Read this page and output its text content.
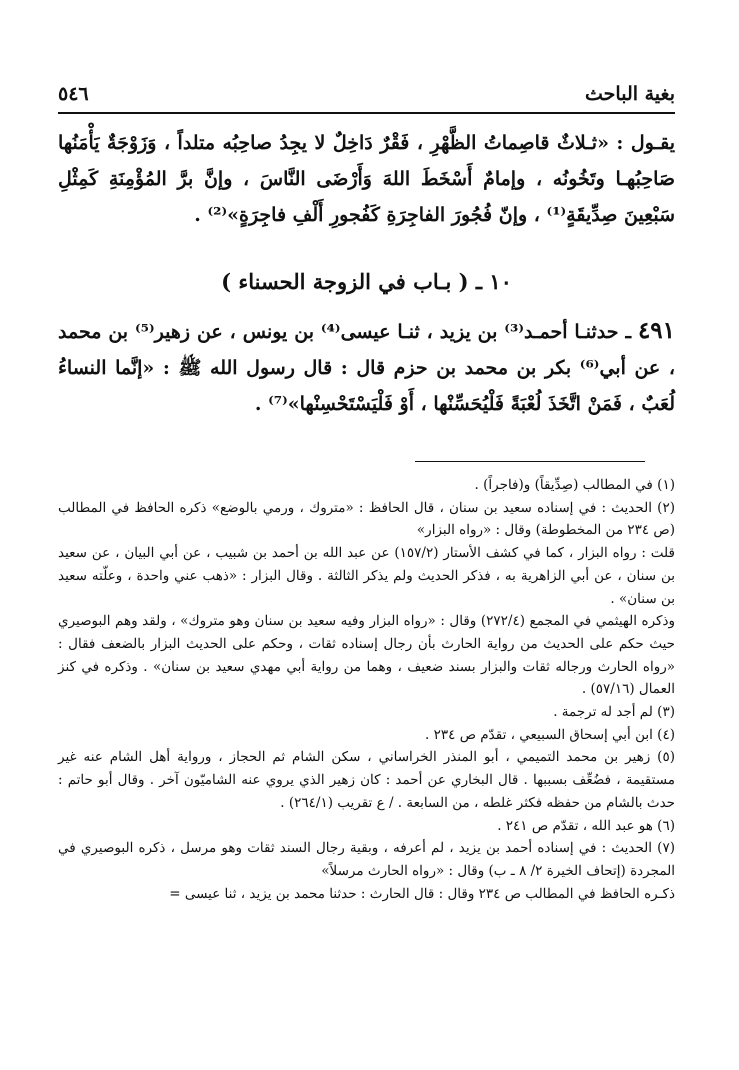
بغية الباحث
٥٤٦
يقـول : «ثـلاثٌ قاصِماتُ الظَّهْرِ ، فَقْرٌ دَاخِلٌ لا يجِدُ صاحِبُه متلداً ، وَزَوْجَةٌ يَأْمَنُها صَاحِبُهـا وتَخُونُه ، وإمامٌ أَسْخَطَ اللهَ وَأَرْضَى النَّاسَ ، وإنَّ برَّ المُؤْمِنَةِ كَمِثْلِ سَبْعِينَ صِدِّيقَةٍ⁽¹⁾ ، وإنّ فُجُورَ الفاجِرَةِ كَفُجورِ أَلْفِ فاجِرَةٍ»⁽²⁾ .
١٠ ـ ( بـاب في الزوجة الحسناء )
٤٩١ ـ حدثنـا أحمـد⁽³⁾ بن يزيد ، ثنـا عيسى⁽⁴⁾ بن يونس ، عن زهير⁽⁵⁾ بن محمد ، عن أبي⁽⁶⁾ بكر بن محمد بن حزم قال : قال رسول الله ﷺ : «إنَّما النساءُ لُعَبٌ ، فَمَنْ اتَّخَذَ لُعْبَةً فَلْيُحَسِّنْها ، أَوْ فَلْيَسْتَحْسِنْها»⁽⁷⁾ .

(١) في المطالب (صِدِّيقاً) و(فاجراً) .

(٢) الحديث : في إسناده سعيد بن سنان ، قال الحافظ : «متروك ، ورمي بالوضع» ذكره الحافظ في المطالب (ص ٢٣٤ من المخطوطة) وقال : «رواه البزار»

قلت : رواه البزار ، كما في كشف الأستار (١٥٧/٢) عن عبد الله بن أحمد بن شبيب ، عن أبي البيان ، عن سعيد بن سنان ، عن أبي الزاهرية به ، فذكر الحديث ولم يذكر الثالثة . وقال البزار : «ذهب عني واحدة ، وعلّته سعيد بن سنان» .

وذكره الهيثمي في المجمع (٢٧٢/٤) وقال : «رواه البزار وفيه سعيد بن سنان وهو متروك» ، ولقد وهم البوصيري حيث حكم على الحديث من رواية الحارث بأن رجال إسناده ثقات ، وحكم على الحديث البزار بالضعف فقال : «رواه الحارث ورجاله ثقات والبزار بسند ضعيف ، وهما من رواية أبي مهدي سعيد بن سنان» . وذكره في كنز العمال (٥٧/١٦) .

(٣) لم أجد له ترجمة .

(٤) ابن أبي إسحاق السبيعي ، تقدّم ص ٢٣٤ .

(٥) زهير بن محمد التميمي ، أبو المنذر الخراساني ، سكن الشام ثم الحجاز ، ورواية أهل الشام عنه غير مستقيمة ، فضُعِّف بسببها . قال البخاري عن أحمد : كان زهير الذي يروي عنه الشاميّون آخر . وقال أبو حاتم : حدث بالشام من حفظه فكثر غلطه ، من السابعة . / ع تقريب (٢٦٤/١) .

(٦) هو عبد الله ، تقدّم ص ٢٤١ .

(٧) الحديث : في إسناده أحمد بن يزيد ، لم أعرفه ، وبقية رجال السند ثقات وهو مرسل ، ذكره البوصيري في المجردة (إتحاف الخيرة ٢/ ٨ ـ ب) وقال : «رواه الحارث مرسلاً»

ذكـره الحافظ في المطالب ص ٢٣٤ وقال : قال الحارث : حدثنا محمد بن يزيد ، ثنا عيسى =
